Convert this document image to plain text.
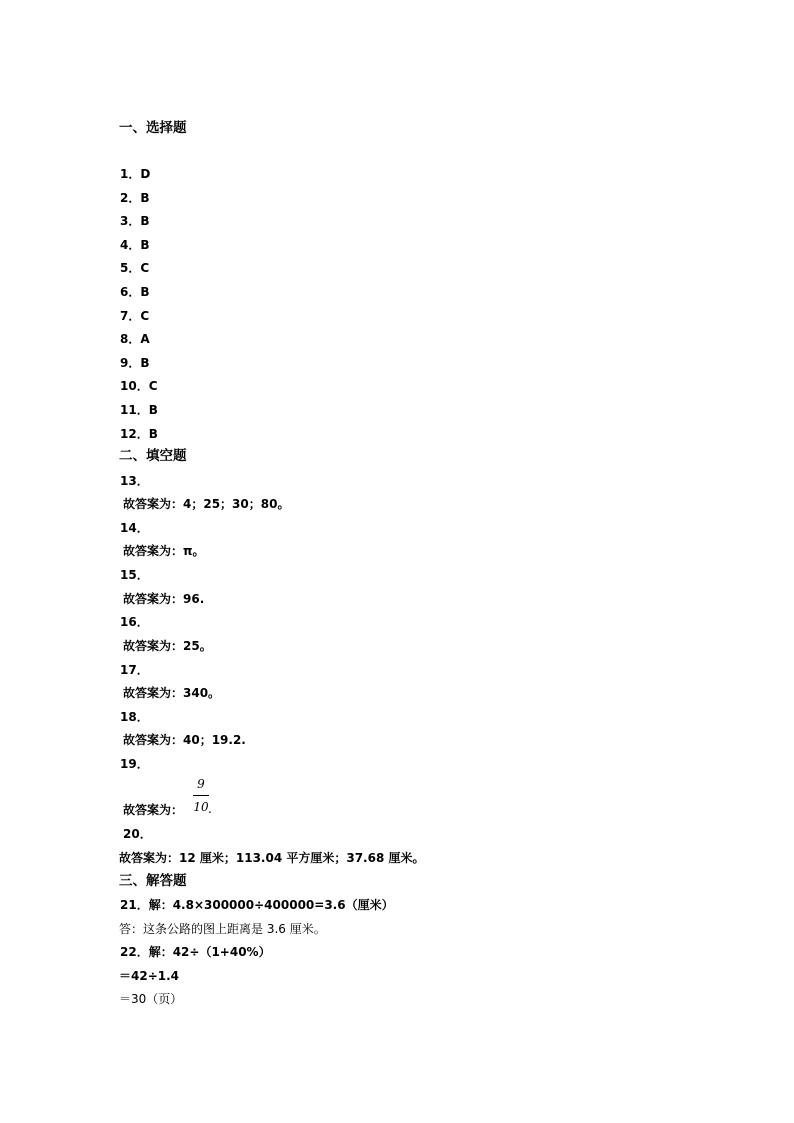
一、选择题
1．D
2．B
3．B
4．B
5．C
6．B
7．C
8．A
9．B
10．C
11．B
12．B
二、填空题
13．
故答案为：4；25；30；80。
14．
故答案为：π。
15．
故答案为：96.
16．
故答案为：25。
17．
故答案为：340。
18．
故答案为：40；19.2.
19．
故答案为：
9
10 .
20．
故答案为：12 厘米；113.04 平方厘米；37.68 厘米。
三、解答题
21．解：4.8×300000÷400000=3.6（厘米）
答：这条公路的图上距离是 3.6 厘米。
22．解：42÷（1+40%）
＝42÷1.4
＝30（页）
